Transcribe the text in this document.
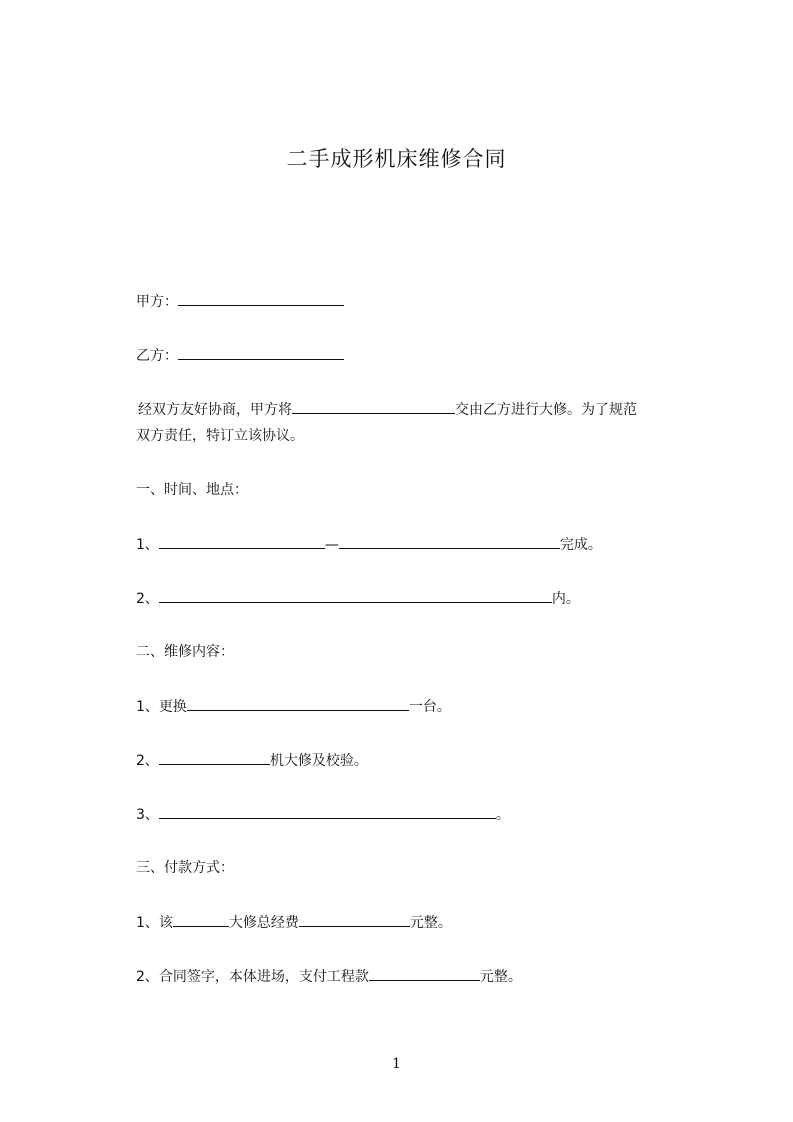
二手成形机床维修合同
甲方：
乙方：
经双方友好协商，甲方将	交由乙方进行大修。为了规范
双方责任，特订立该协议。
一、时间、地点：
1、	—	完成。
2、	内。
二、维修内容：
1、更换	一台。
2、	机大修及校验。
3、	。
三、付款方式：
1、该	大修总经费	元整。
2、合同签字，本体进场，支付工程款	元整。
1
